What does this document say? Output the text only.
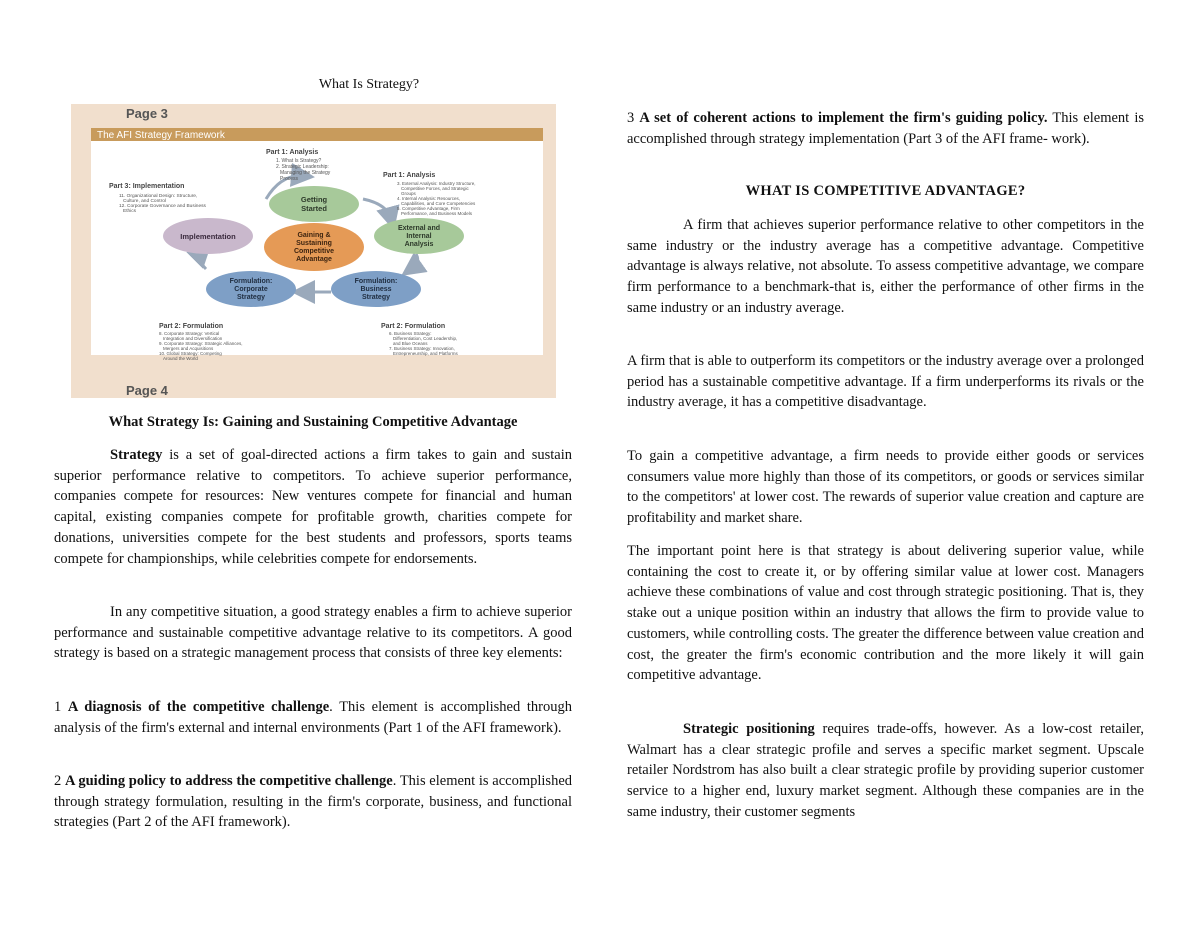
What Is Strategy?
Page 3
The AFI Strategy Framework
Getting
Started
External and
Internal
Analysis
Formulation:
Business
Strategy
Formulation:
Corporate
Strategy
Implementation	Gaining &
Sustaining
Competitive
Advantage
Part 1: Analysis
1. What Is Strategy?
2. Strategic Leadership:
Managing the Strategy
Process	Part 1: Analysis
3. External Analysis: Industry Structure,
Competitive Forces, and Strategic
Groups
4. Internal Analysis: Resources,
Capabilities, and Core Competencies
5. Competitive Advantage, Firm
Performance, and Business Models
Part 3: Implementation
11. Organizational Design: Structure,
Culture, and Control
12. Corporate Governance and Business
Ethics
Part 2: Formulation
8. Corporate Strategy: Vertical
Integration and Diversification
9. Corporate Strategy: Strategic Alliances,
Mergers and Acquisitions
10. Global Strategy: Competing
Around the World
Part 2: Formulation
6. Business Strategy:
Differentiation, Cost Leadership,
and Blue Oceans
7. Business Strategy: Innovation,
Entrepreneurship, and Platforms
Page 4
What Strategy Is: Gaining and Sustaining Competitive Advantage

Strategy is a set of goal-directed actions a firm takes to gain and sustain superior performance relative to competitors. To achieve superior performance, companies compete for resources: New ventures compete for financial and human capital, existing companies compete for profitable growth, charities compete for donations, universities compete for the best students and professors, sports teams compete for championships, while celebrities compete for endorsements.

In any competitive situation, a good strategy enables a firm to achieve superior performance and sustainable competitive advantage relative to its competitors. A good strategy is based on a strategic management process that consists of three key elements:

1 A diagnosis of the competitive challenge. This element is accomplished through analysis of the firm's external and internal environments (Part 1 of the AFI framework).

2 A guiding policy to address the competitive challenge. This element is accomplished through strategy formulation, resulting in the firm's corporate, business, and functional strategies (Part 2 of the AFI framework).

3 A set of coherent actions to implement the firm's guiding policy. This element is accomplished through strategy implementation (Part 3 of the AFI frame- work).

WHAT IS COMPETITIVE ADVANTAGE?

A firm that achieves superior performance relative to other competitors in the same industry or the industry average has a competitive advantage. Competitive advantage is always relative, not absolute. To assess competitive advantage, we compare firm performance to a benchmark-that is, either the performance of other firms in the same industry or an industry average.

A firm that is able to outperform its competitors or the industry average over a prolonged period has a sustainable competitive advantage. If a firm underperforms its rivals or the industry average, it has a competitive disadvantage.

To gain a competitive advantage, a firm needs to provide either goods or services consumers value more highly than those of its competitors, or goods or services similar to the competitors' at lower cost. The rewards of superior value creation and capture are profitability and market share.

The important point here is that strategy is about delivering superior value, while containing the cost to create it, or by offering similar value at lower cost. Managers achieve these combinations of value and cost through strategic positioning. That is, they stake out a unique position within an industry that allows the firm to provide value to customers, while controlling costs. The greater the difference between value creation and cost, the greater the firm's economic contribution and the more likely it will gain competitive advantage.

Strategic positioning requires trade-offs, however. As a low-cost retailer, Walmart has a clear strategic profile and serves a specific market segment. Upscale retailer Nordstrom has also built a clear strategic profile by providing superior customer service to a higher end, luxury market segment. Although these companies are in the same industry, their customer segments
